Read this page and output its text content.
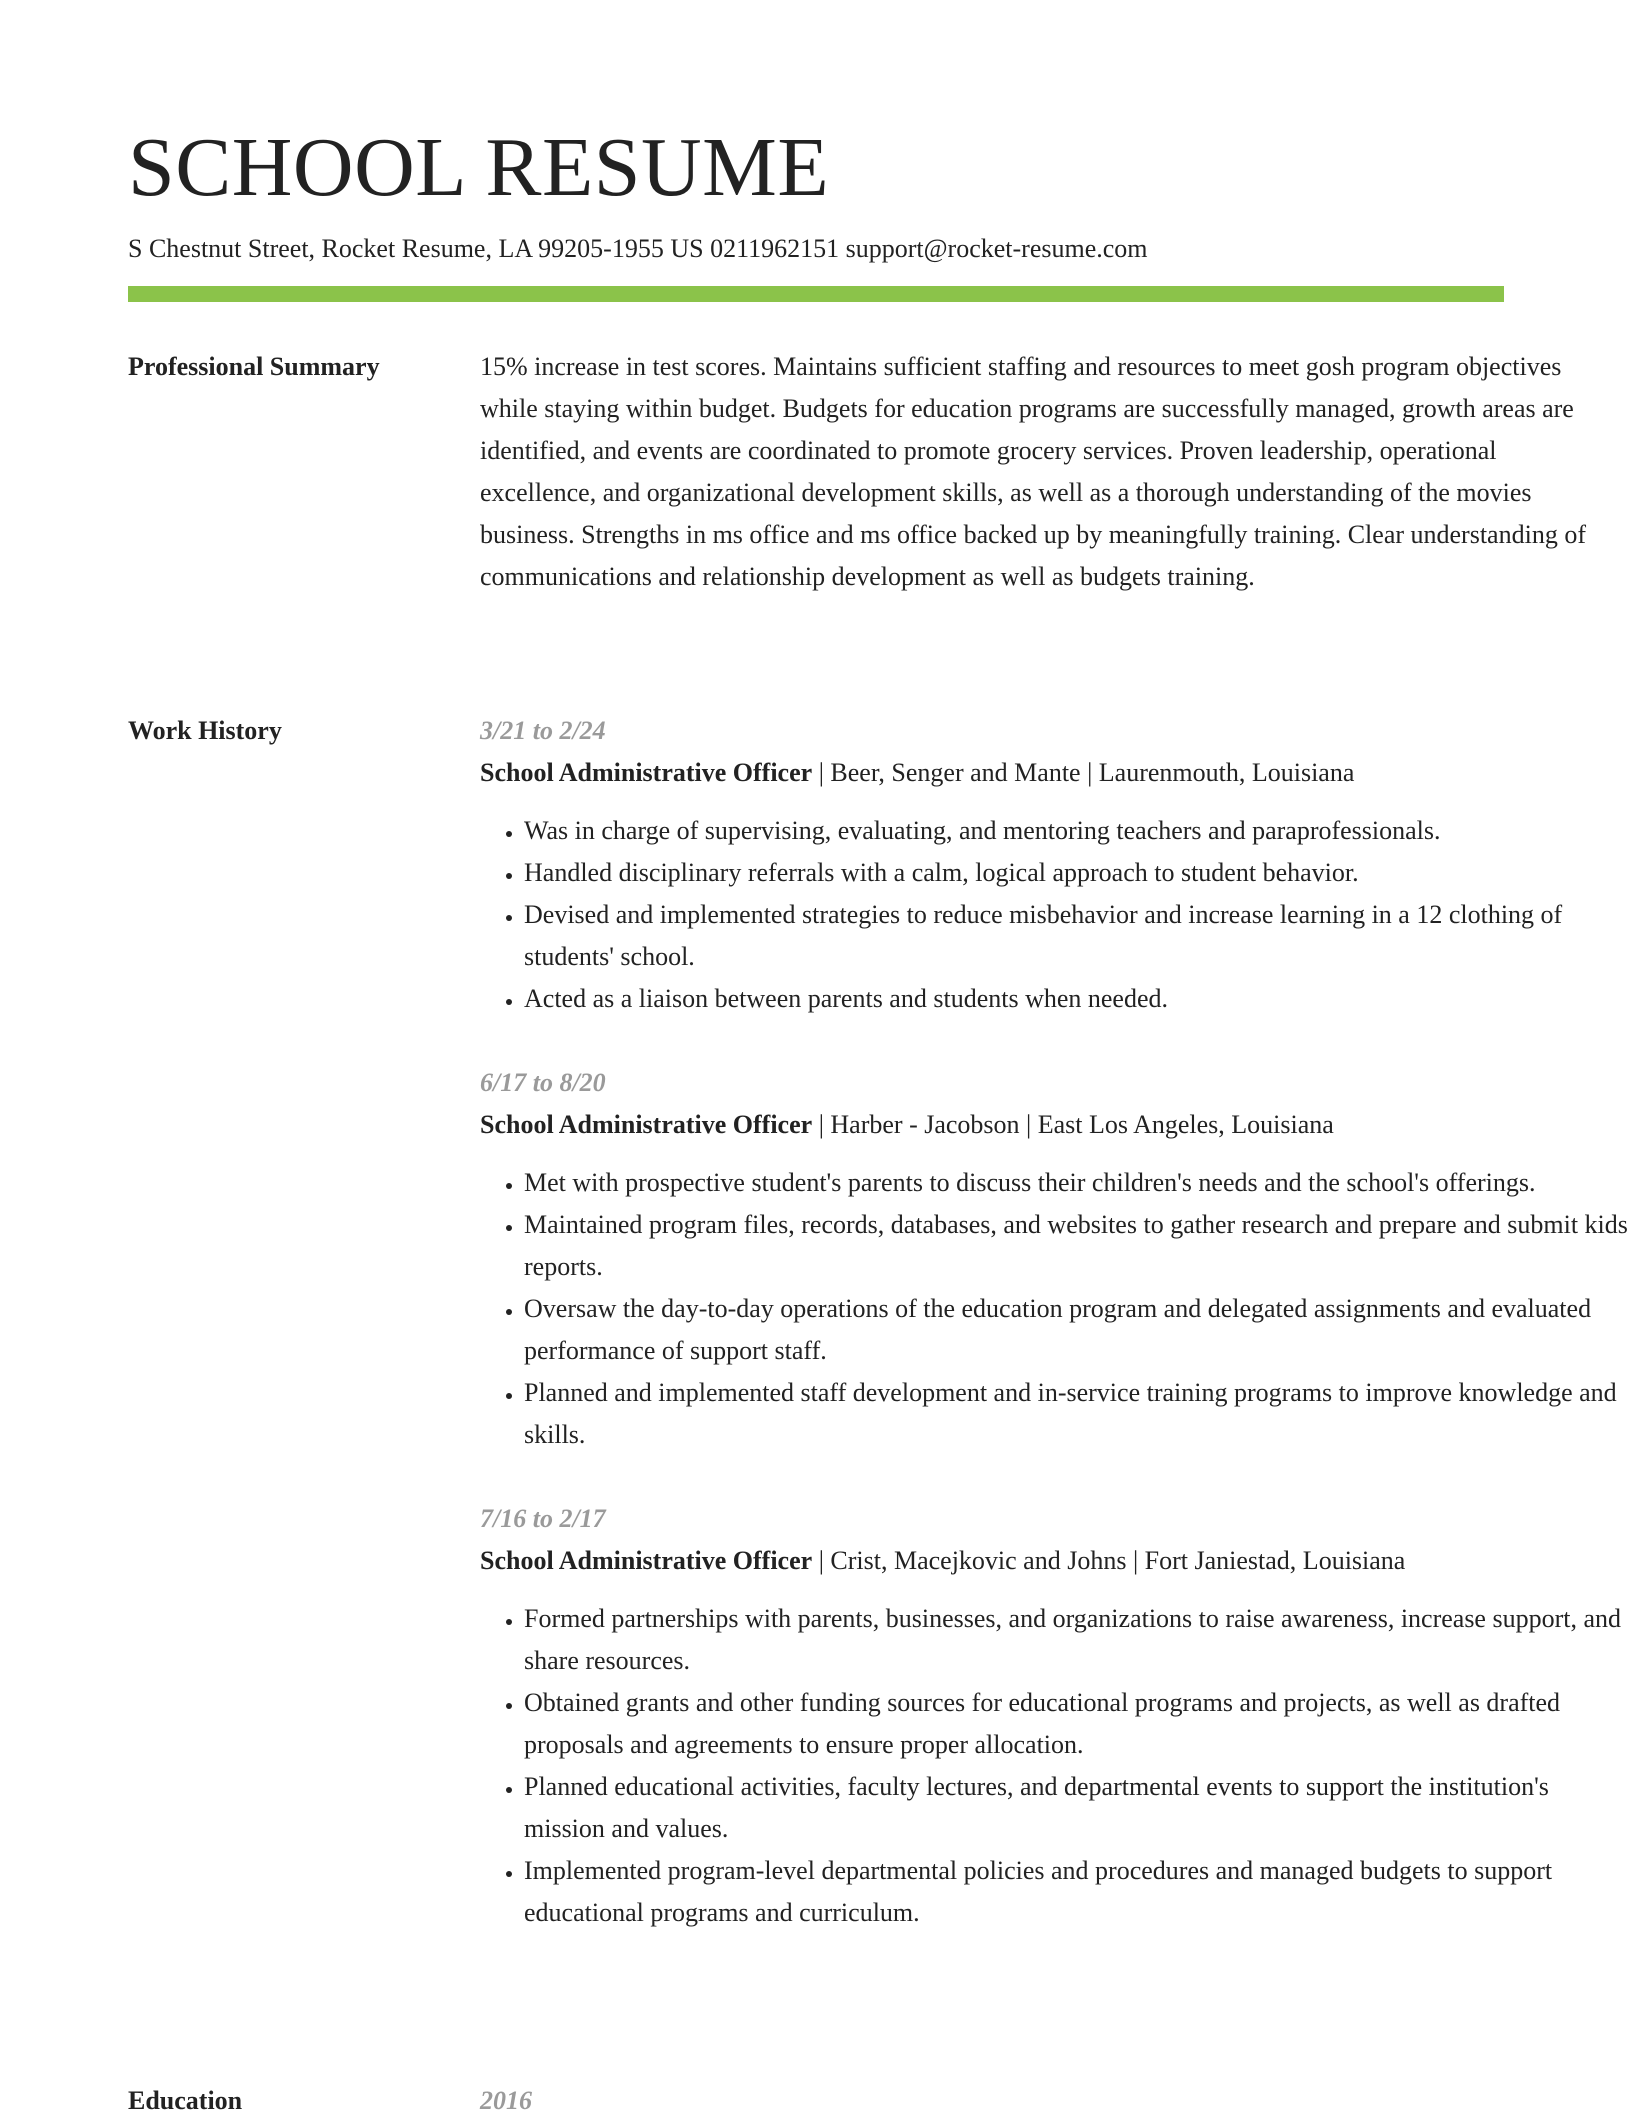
SCHOOL RESUME
S Chestnut Street, Rocket Resume, LA 99205-1955 US 0211962151 support@rocket-resume.com
Professional Summary	15% increase in test scores. Maintains sufficient staffing and resources to meet gosh program objectives while staying within budget. Budgets for education programs are successfully managed, growth areas are identified, and events are coordinated to promote grocery services. Proven leadership, operational excellence, and organizational development skills, as well as a thorough understanding of the movies business. Strengths in ms office and ms office backed up by meaningfully training. Clear understanding of communications and relationship development as well as budgets training.

Work History	3/21 to 2/24

School Administrative Officer | Beer, Senger and Mante | Laurenmouth, Louisiana

• Was in charge of supervising, evaluating, and mentoring teachers and paraprofessionals.
• Handled disciplinary referrals with a calm, logical approach to student behavior.
• Devised and implemented strategies to reduce misbehavior and increase learning in a 12 clothing of students' school.
• Acted as a liaison between parents and students when needed.

6/17 to 8/20

School Administrative Officer | Harber - Jacobson | East Los Angeles, Louisiana

• Met with prospective student's parents to discuss their children's needs and the school's offerings.
• Maintained program files, records, databases, and websites to gather research and prepare and submit kids reports.
• Oversaw the day-to-day operations of the education program and delegated assignments and evaluated performance of support staff.
• Planned and implemented staff development and in-service training programs to improve knowledge and skills.

7/16 to 2/17

School Administrative Officer | Crist, Macejkovic and Johns | Fort Janiestad, Louisiana

• Formed partnerships with parents, businesses, and organizations to raise awareness, increase support, and share resources.
• Obtained grants and other funding sources for educational programs and projects, as well as drafted proposals and agreements to ensure proper allocation.
• Planned educational activities, faculty lectures, and departmental events to support the institution's mission and values.
• Implemented program-level departmental policies and procedures and managed budgets to support educational programs and curriculum.
Education	2016
